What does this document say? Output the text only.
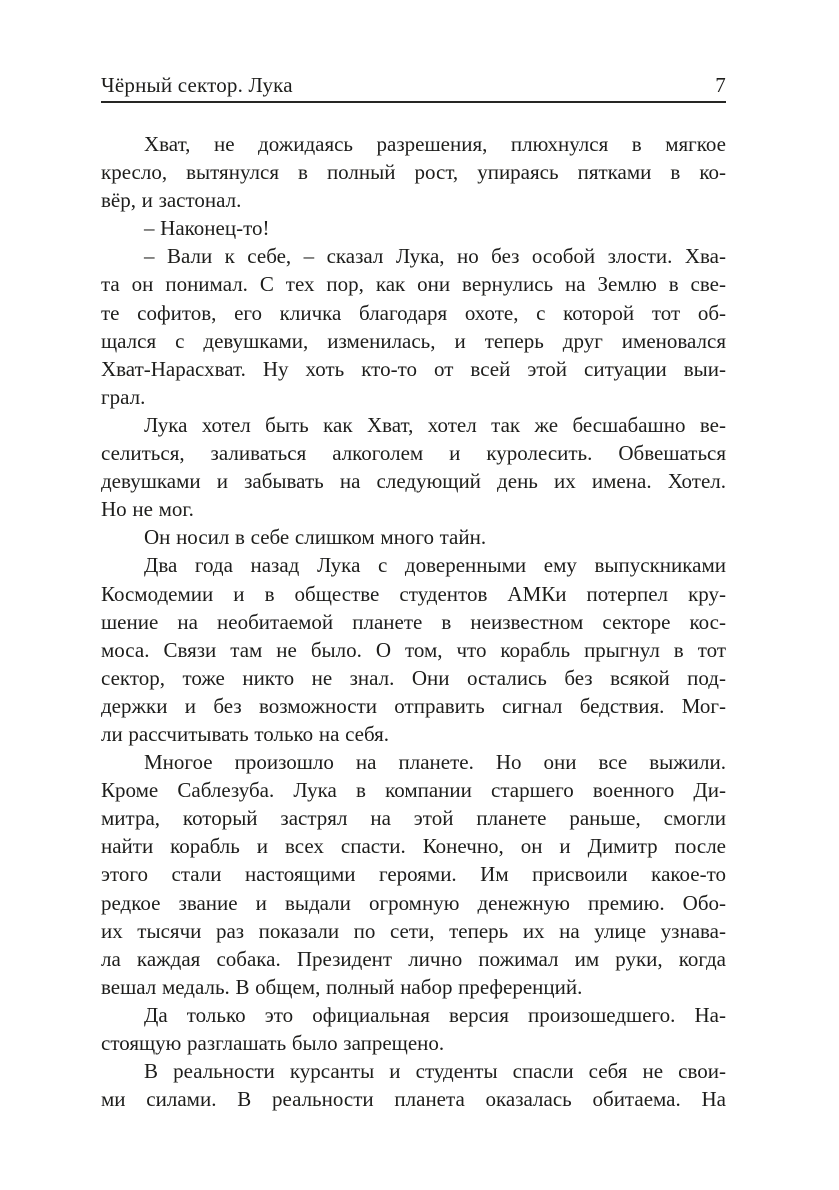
Чёрный сектор. Лука	7
Хват, не дожидаясь разрешения, плюхнулся в мягкое
кресло, вытянулся в полный рост, упираясь пятками в ко-
вёр, и застонал.
– Наконец-то!
– Вали к себе, – сказал Лука, но без особой злости. Хва-
та он понимал. С тех пор, как они вернулись на Землю в све-
те софитов, его кличка благодаря охоте, с которой тот об-
щался с девушками, изменилась, и теперь друг именовался
Хват-Нарасхват. Ну хоть кто-то от всей этой ситуации выи-
грал.
Лука хотел быть как Хват, хотел так же бесшабашно ве-
селиться, заливаться алкоголем и куролесить. Обвешаться
девушками и забывать на следующий день их имена. Хотел.
Но не мог.
Он носил в себе слишком много тайн.
Два года назад Лука с доверенными ему выпускниками
Космодемии и в обществе студентов АМКи потерпел кру-
шение на необитаемой планете в неизвестном секторе кос-
моса. Связи там не было. О том, что корабль прыгнул в тот
сектор, тоже никто не знал. Они остались без всякой под-
держки и без возможности отправить сигнал бедствия. Мог-
ли рассчитывать только на себя.
Многое произошло на планете. Но они все выжили.
Кроме Саблезуба. Лука в компании старшего военного Ди-
митра, который застрял на этой планете раньше, смогли
найти корабль и всех спасти. Конечно, он и Димитр после
этого стали настоящими героями. Им присвоили какое-то
редкое звание и выдали огромную денежную премию. Обо-
их тысячи раз показали по сети, теперь их на улице узнава-
ла каждая собака. Президент лично пожимал им руки, когда
вешал медаль. В общем, полный набор преференций.
Да только это официальная версия произошедшего. На-
стоящую разглашать было запрещено.
В реальности курсанты и студенты спасли себя не свои-
ми силами. В реальности планета оказалась обитаема. На
